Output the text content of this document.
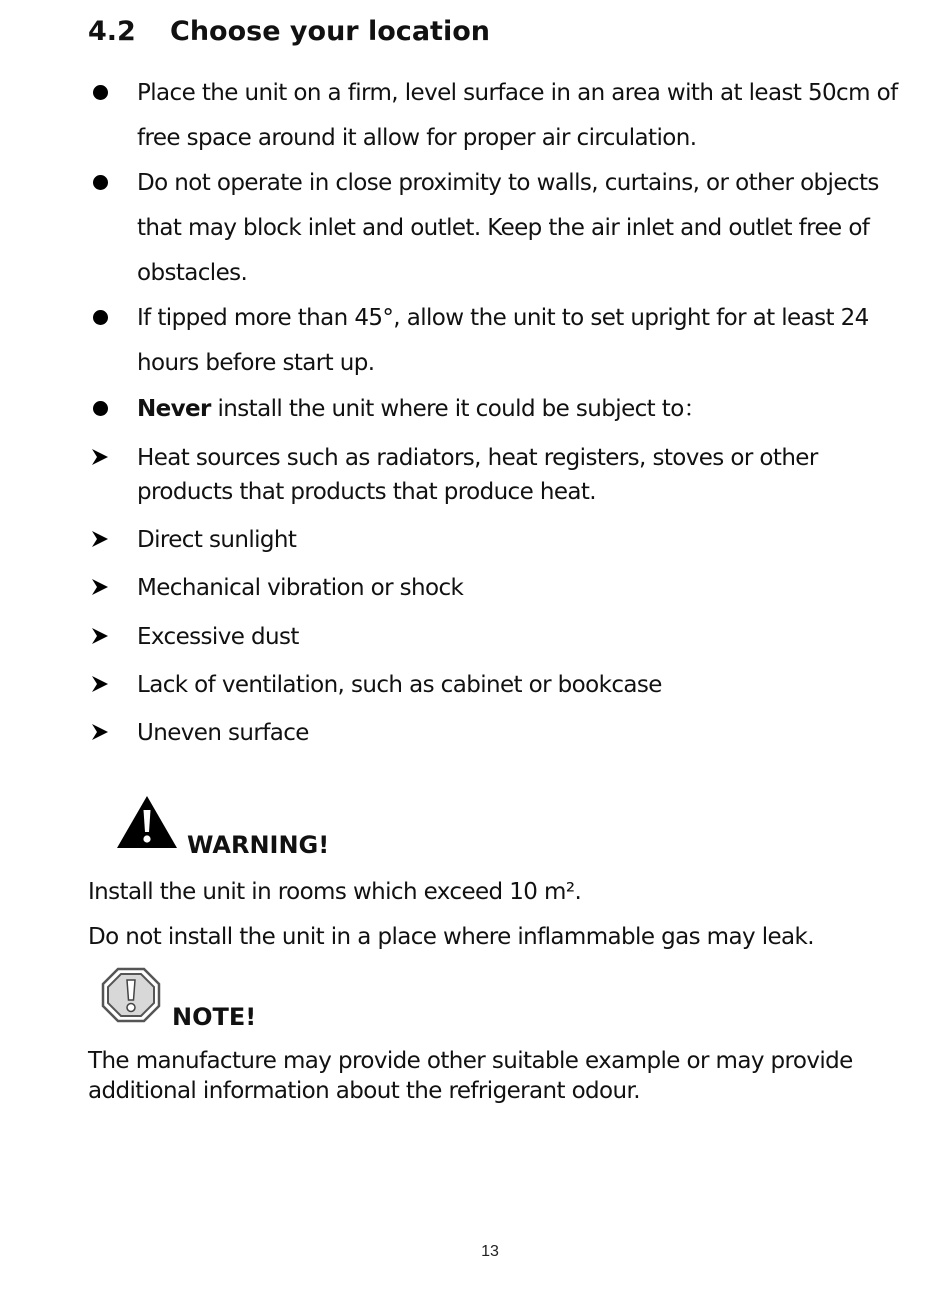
4.2	Choose your location
Place the unit on a firm, level surface in an area with at least 50cm of free space around it allow for proper air circulation.
Do not operate in close proximity to walls, curtains, or other objects that may block inlet and outlet. Keep the air inlet and outlet free of obstacles.
If tipped more than 45°, allow the unit to set upright for at least 24 hours before start up.
Never install the unit where it could be subject to：
Heat sources such as radiators, heat registers, stoves or other products that products that produce heat.
Direct sunlight
Mechanical vibration or shock
Excessive dust
Lack of ventilation, such as cabinet or bookcase
Uneven surface
WARNING!
Install the unit in rooms which exceed 10 m².
Do not install the unit in a place where inflammable gas may leak.
NOTE!
The manufacture may provide other suitable example or may provide additional information about the refrigerant odour.
13
